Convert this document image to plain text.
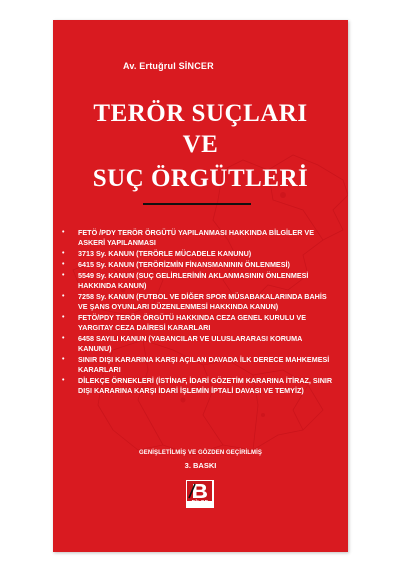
Av. Ertuğrul SİNCER
TERÖR SUÇLARI
VE
SUÇ ÖRGÜTLERİ
• FETÖ /PDY TERÖR ÖRGÜTÜ YAPILANMASI HAKKINDA BİLGİLER VE ASKERİ YAPILANMASI
• 3713 Sy. KANUN (TERÖRLE MÜCADELE KANUNU)
• 6415 Sy. KANUN (TERÖRİZMİN FİNANSMANININ ÖNLENMESİ)
• 5549 Sy. KANUN (SUÇ GELİRLERİNİN AKLANMASININ ÖNLENMESİ HAKKINDA KANUN)
• 7258 Sy. KANUN (FUTBOL VE DİĞER SPOR MÜSABAKALARINDA BAHİS VE ŞANS OYUNLARI DÜZENLENMESİ HAKKINDA KANUN)
• FETÖ/PDY TERÖR ÖRGÜTÜ HAKKINDA CEZA GENEL KURULU VE YARGITAY CEZA DAİRESİ KARARLARI
• 6458 SAYILI KANUN (YABANCILAR VE ULUSLARARASI KORUMA KANUNU)
• SINIR DIŞI KARARINA KARŞI AÇILAN DAVADA İLK DERECE MAHKEMESİ KARARLARI
• DİLEKÇE ÖRNEKLERİ (İSTİNAF, İDARİ GÖZETİM KARARINA İTİRAZ, SINIR DIŞI KARARINA KARŞI İDARİ İŞLEMİN İPTALİ DAVASI VE TEMYİZ)
GENİŞLETİLMİŞ VE GÖZDEN GEÇİRİLMİŞ
3. BASKI
BİLGE
